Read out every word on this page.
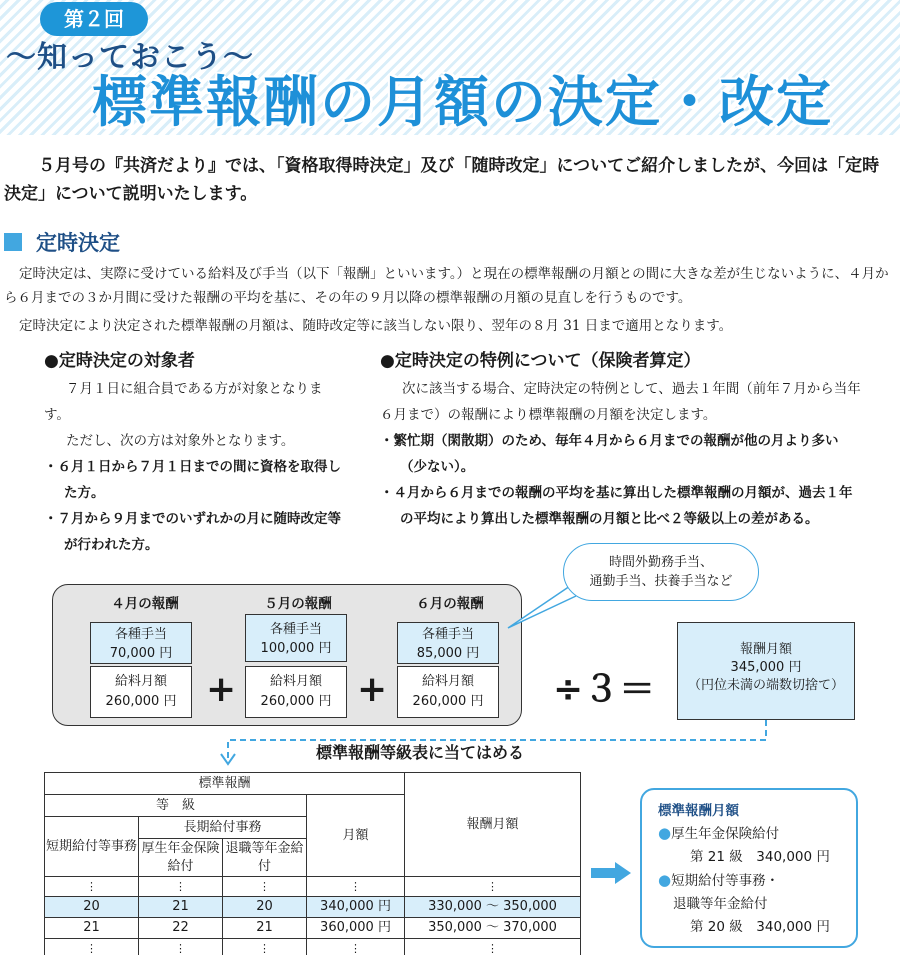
第２回
～知っておこう～
標準報酬の月額の決定・改定

５月号の『共済だより』では、「資格取得時決定」及び「随時改定」についてご紹介しましたが、今回は「定時決定」について説明いたします。

定時決定

定時決定は、実際に受けている給料及び手当（以下「報酬」といいます。）と現在の標準報酬の月額との間に大きな差が生じないように、４月から６月までの３か月間に受けた報酬の平均を基に、その年の９月以降の標準報酬の月額の見直しを行うものです。

定時決定により決定された標準報酬の月額は、随時改定等に該当しない限り、翌年の８月 31 日まで適用となります。

●定時決定の対象者

７月１日に組合員である方が対象となります。

ただし、次の方は対象外となります。

・６月１日から７月１日までの間に資格を取得した方。

・７月から９月までのいずれかの月に随時改定等が行われた方。

●定時決定の特例について（保険者算定）

次に該当する場合、定時決定の特例として、過去１年間（前年７月から当年６月まで）の報酬により標準報酬の月額を決定します。

・繁忙期（閑散期）のため、毎年４月から６月までの報酬が他の月より多い（少ない）。

・４月から６月までの報酬の平均を基に算出した標準報酬の月額が、過去１年の平均により算出した標準報酬の月額と比べ２等級以上の差がある。

４月の報酬	５月の報酬	６月の報酬
各種手当
70,000 円
各種手当
100,000 円
各種手当
85,000 円
給料月額
260,000 円
給料月額
260,000 円
給料月額
260,000 円
+	+	÷３＝
報酬月額
345,000 円
（円位未満の端数切捨て）
時間外勤務手当、
通勤手当、扶養手当など
標準報酬等級表に当てはめる
標準報酬				報酬月額
等　級			月額	
短期給付等事務	長期給付事務			
	厚生年金保険給付	退職等年金給付		
⋮	⋮	⋮	⋮	⋮
20	21	20	340,000 円	330,000 ～ 350,000
21	22	21	360,000 円	350,000 ～ 370,000
⋮	⋮	⋮	⋮	⋮
標準報酬月額
●厚生年金保険給付
第 21 級　340,000 円
●短期給付等事務・
退職等年金給付
第 20 級　340,000 円
